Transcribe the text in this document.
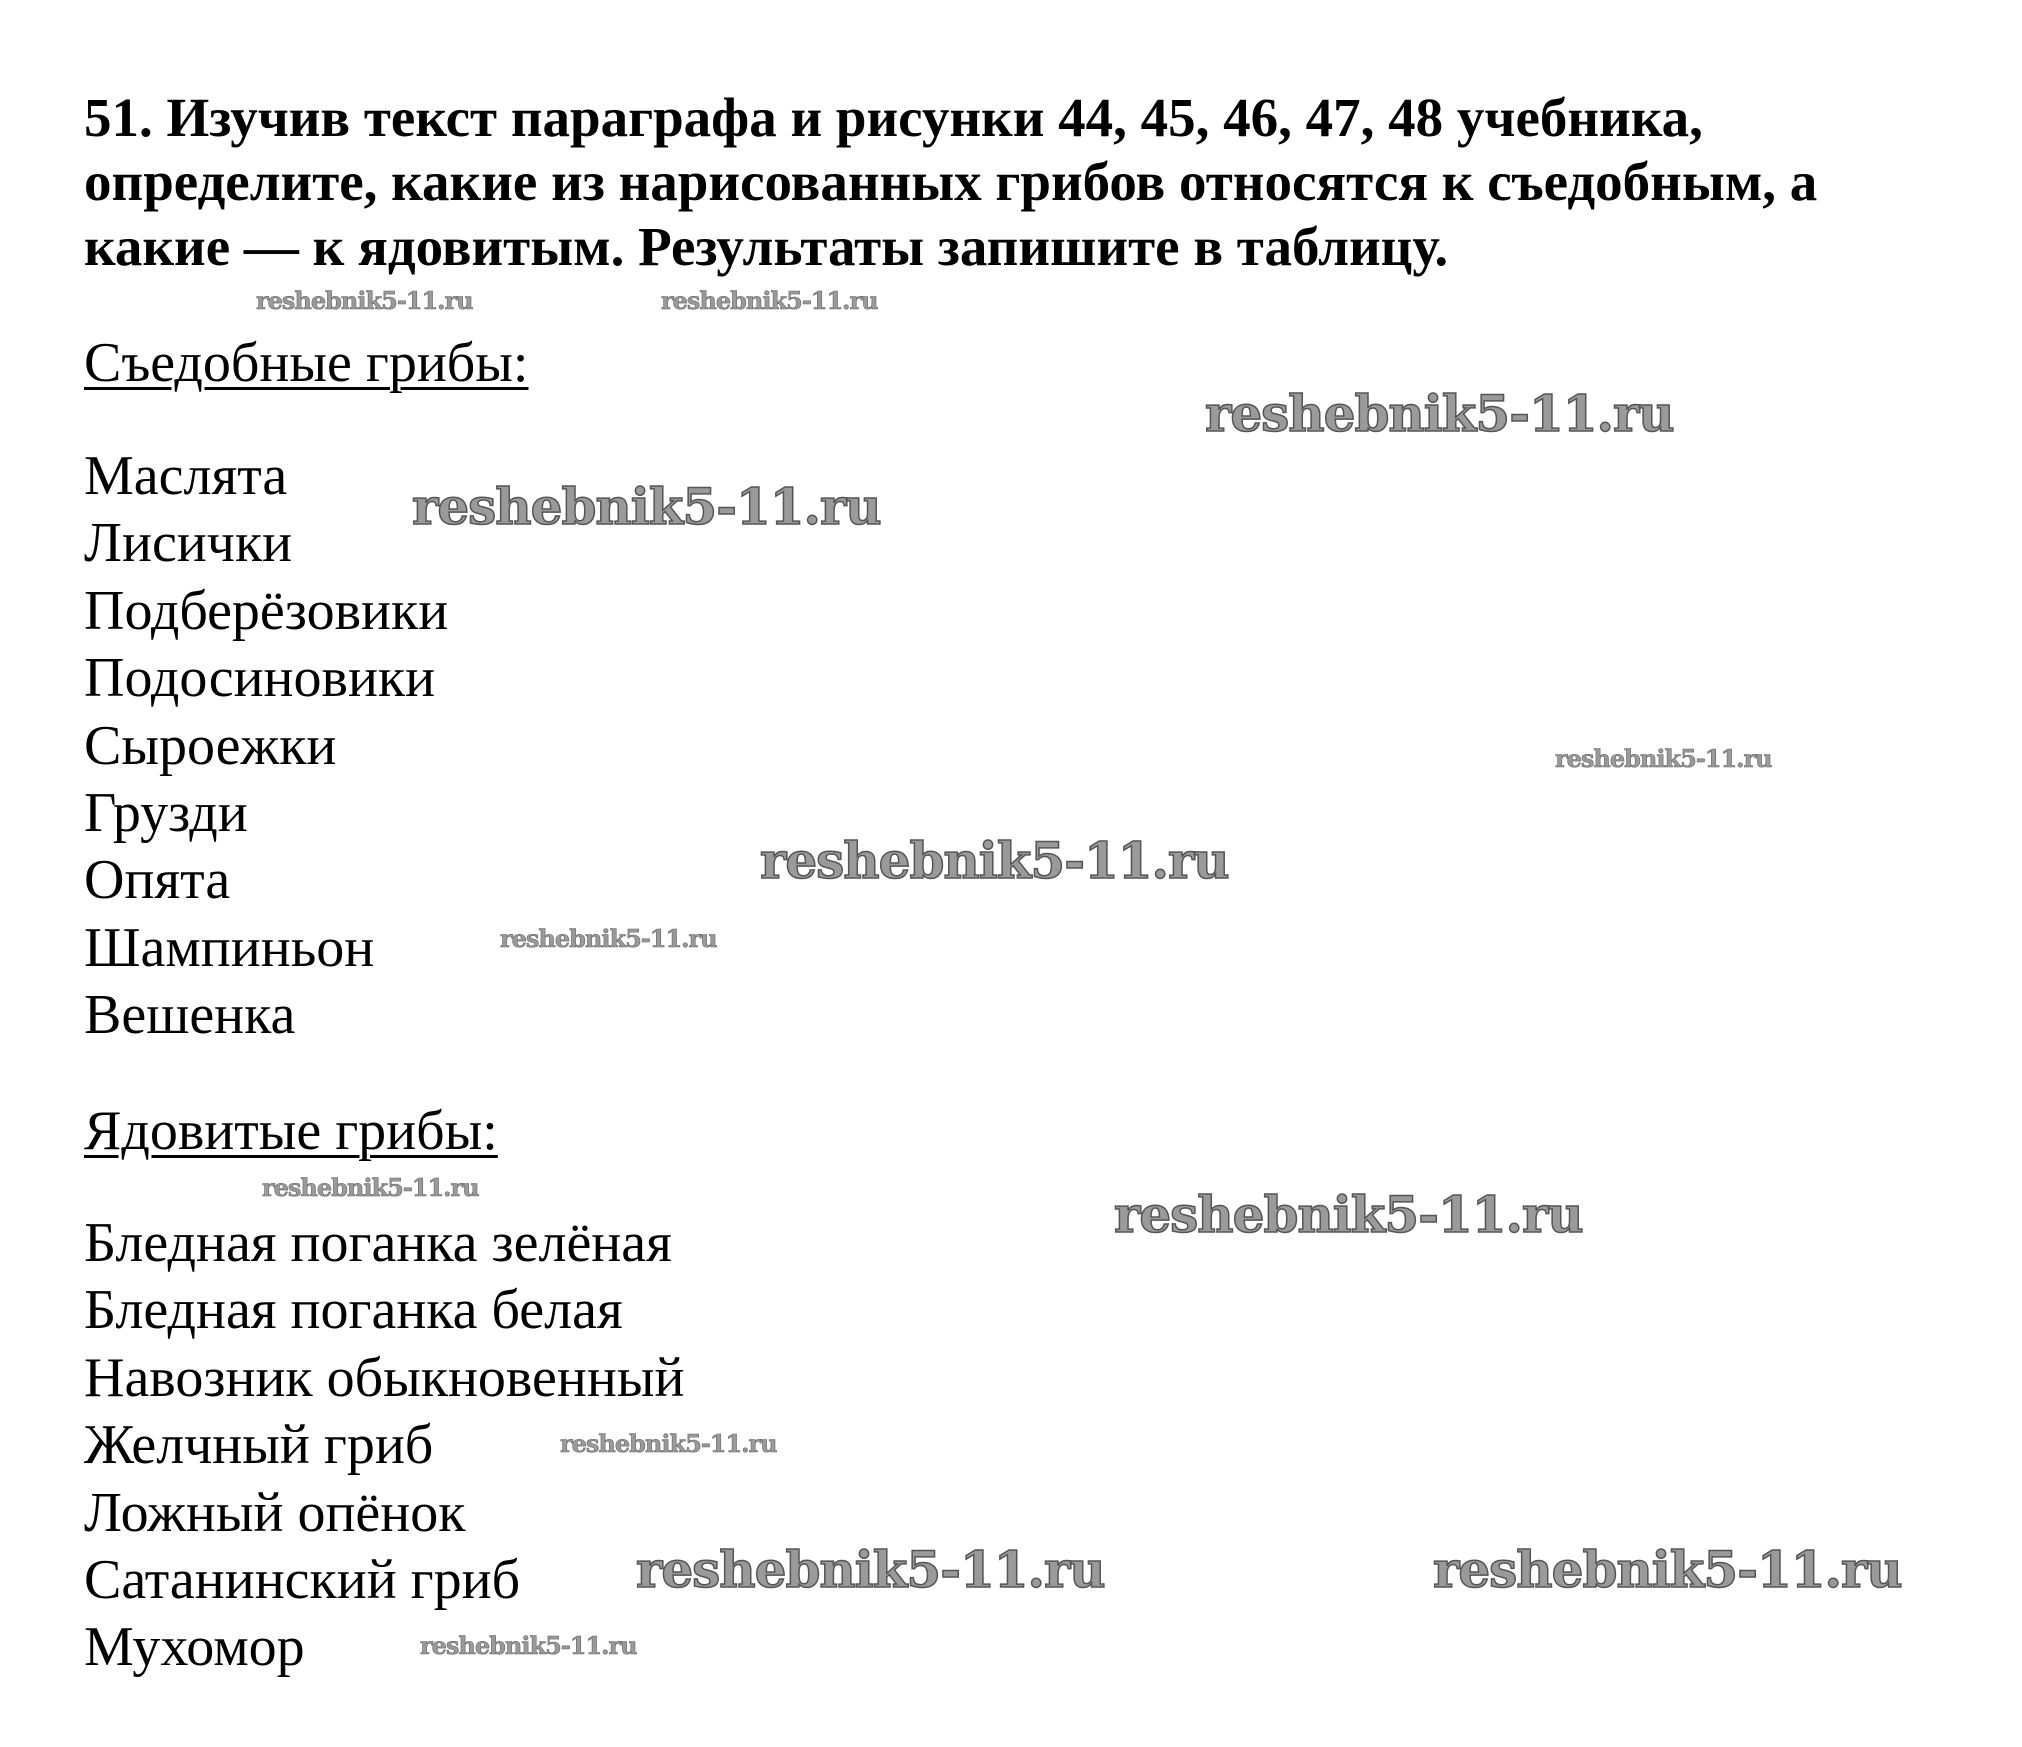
51. Изучив текст параграфа и рисунки 44, 45, 46, 47, 48 учебника,
определите, какие из нарисованных грибов относятся к съедобным, а
какие — к ядовитым. Результаты запишите в таблицу.
Съедобные грибы:
Маслята
Лисички
Подберёзовики
Подосиновики
Сыроежки
Грузди
Опята
Шампиньон
Вешенка
Ядовитые грибы:
Бледная поганка зелёная
Бледная поганка белая
Навозник обыкновенный
Желчный гриб
Ложный опёнок
Сатанинский гриб
Мухомор
reshebnik5-11.ru	reshebnik5-11.ru
reshebnik5-11.ru
reshebnik5-11.ru
reshebnik5-11.ru
reshebnik5-11.ru
reshebnik5-11.ru
reshebnik5-11.ru	reshebnik5-11.ru
reshebnik5-11.ru
reshebnik5-11.ru	reshebnik5-11.ru
reshebnik5-11.ru
